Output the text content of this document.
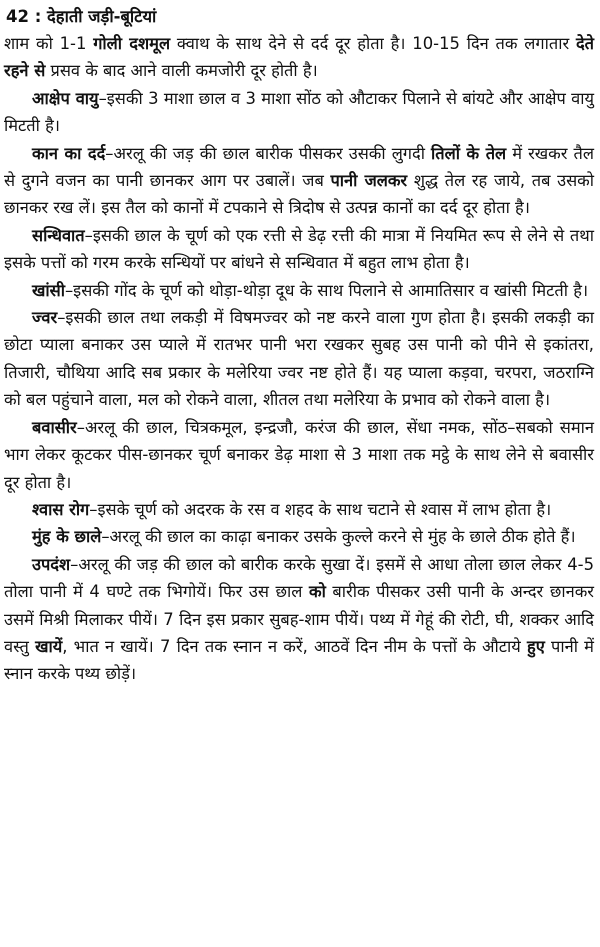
42 : देहाती जड़ी-बूटियां

शाम को 1-1 गोली दशमूल क्वाथ के साथ देने से दर्द दूर होता है। 10-15 दिन तक लगातार देते रहने से प्रसव के बाद आने वाली कमजोरी दूर होती है।

आक्षेप वायु–इसकी 3 माशा छाल व 3 माशा सोंठ को औटाकर पिलाने से बांयटे और आक्षेप वायु मिटती है।

कान का दर्द–अरलू की जड़ की छाल बारीक पीसकर उसकी लुगदी तिलों के तेल में रखकर तैल से दुगने वजन का पानी छानकर आग पर उबालें। जब पानी जलकर शुद्ध तेल रह जाये, तब उसको छानकर रख लें। इस तैल को कानों में टपकाने से त्रिदोष से उत्पन्न कानों का दर्द दूर होता है।

सन्धिवात–इसकी छाल के चूर्ण को एक रत्ती से डेढ़ रत्ती की मात्रा में नियमित रूप से लेने से तथा इसके पत्तों को गरम करके सन्धियों पर बांधने से सन्धिवात में बहुत लाभ होता है।

खांसी–इसकी गोंद के चूर्ण को थोड़ा-थोड़ा दूध के साथ पिलाने से आमातिसार व खांसी मिटती है।

ज्वर–इसकी छाल तथा लकड़ी में विषमज्वर को नष्ट करने वाला गुण होता है। इसकी लकड़ी का छोटा प्याला बनाकर उस प्याले में रातभर पानी भरा रखकर सुबह उस पानी को पीने से इकांतरा, तिजारी, चौथिया आदि सब प्रकार के मलेरिया ज्वर नष्ट होते हैं। यह प्याला कड़वा, चरपरा, जठराग्नि को बल पहुंचाने वाला, मल को रोकने वाला, शीतल तथा मलेरिया के प्रभाव को रोकने वाला है।

बवासीर–अरलू की छाल, चित्रकमूल, इन्द्रजौ, करंज की छाल, सेंधा नमक, सोंठ–सबको समान भाग लेकर कूटकर पीस-छानकर चूर्ण बनाकर डेढ़ माशा से 3 माशा तक मट्ठे के साथ लेने से बवासीर दूर होता है।

श्वास रोग–इसके चूर्ण को अदरक के रस व शहद के साथ चटाने से श्वास में लाभ होता है।

मुंह के छाले–अरलू की छाल का काढ़ा बनाकर उसके कुल्ले करने से मुंह के छाले ठीक होते हैं।

उपदंश–अरलू की जड़ की छाल को बारीक करके सुखा दें। इसमें से आधा तोला छाल लेकर 4-5 तोला पानी में 4 घण्टे तक भिगोयें। फिर उस छाल को बारीक पीसकर उसी पानी के अन्दर छानकर उसमें मिश्री मिलाकर पीयें। 7 दिन इस प्रकार सुबह-शाम पीयें। पथ्य में गेहूं की रोटी, घी, शक्कर आदि वस्तु खायें, भात न खायें। 7 दिन तक स्नान न करें, आठवें दिन नीम के पत्तों के औटाये हुए पानी में स्नान करके पथ्य छोड़ें।
